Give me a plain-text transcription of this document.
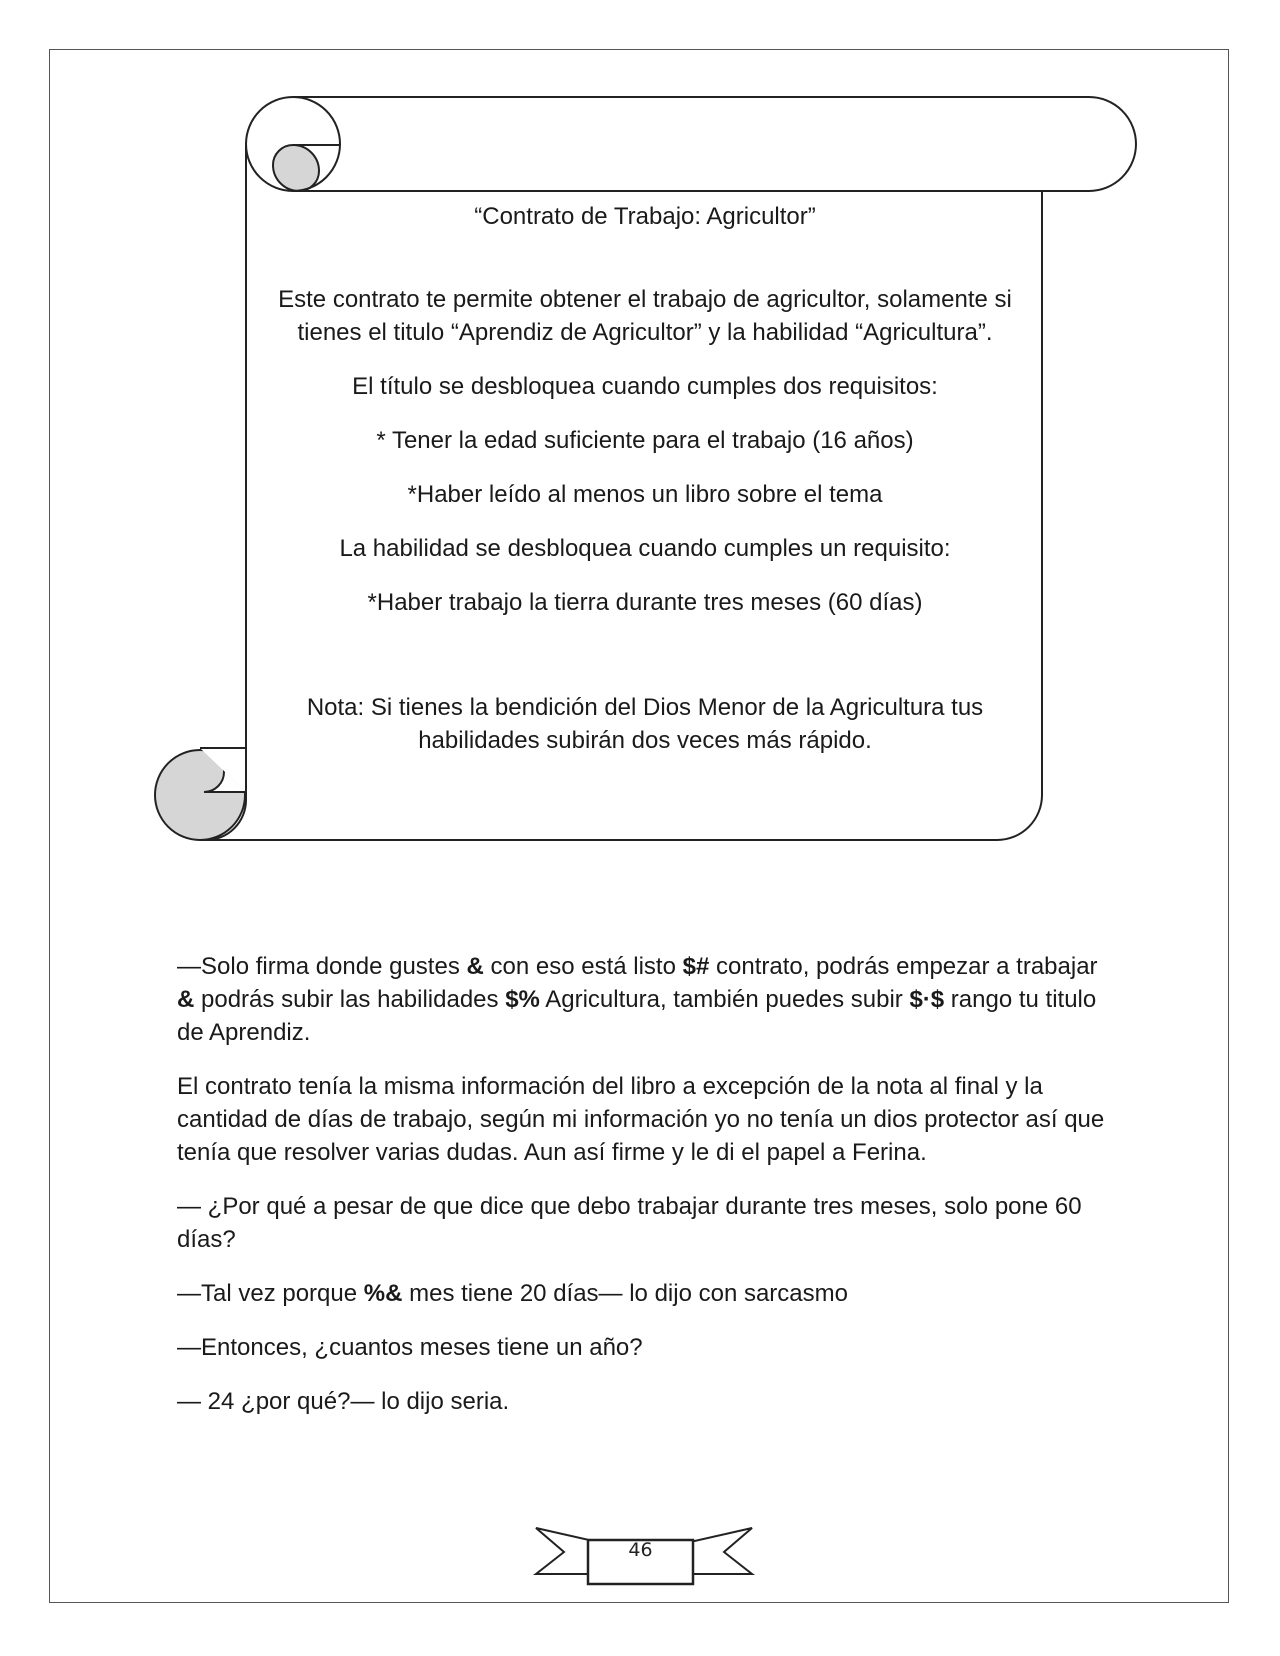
“Contrato de Trabajo: Agricultor”

Este contrato te permite obtener el trabajo de agricultor, solamente si tienes el titulo “Aprendiz de Agricultor” y la habilidad “Agricultura”.

El título se desbloquea cuando cumples dos requisitos:

* Tener la edad suficiente para el trabajo (16 años)

*Haber leído al menos un libro sobre el tema

La habilidad se desbloquea cuando cumples un requisito:

*Haber trabajo la tierra durante tres meses (60 días)

Nota: Si tienes la bendición del Dios Menor de la Agricultura tus habilidades subirán dos veces más rápido.

—Solo firma donde gustes & con eso está listo $# contrato, podrás empezar a trabajar & podrás subir las habilidades $% Agricultura, también puedes subir $·$ rango tu titulo de Aprendiz.

El contrato tenía la misma información del libro a excepción de la nota al final y la cantidad de días de trabajo, según mi información yo no tenía un dios protector así que tenía que resolver varias dudas. Aun así firme y le di el papel a Ferina.

— ¿Por qué a pesar de que dice que debo trabajar durante tres meses, solo pone 60 días?

—Tal vez porque %& mes tiene 20 días— lo dijo con sarcasmo

—Entonces, ¿cuantos meses tiene un año?

— 24 ¿por qué?— lo dijo seria.

46
